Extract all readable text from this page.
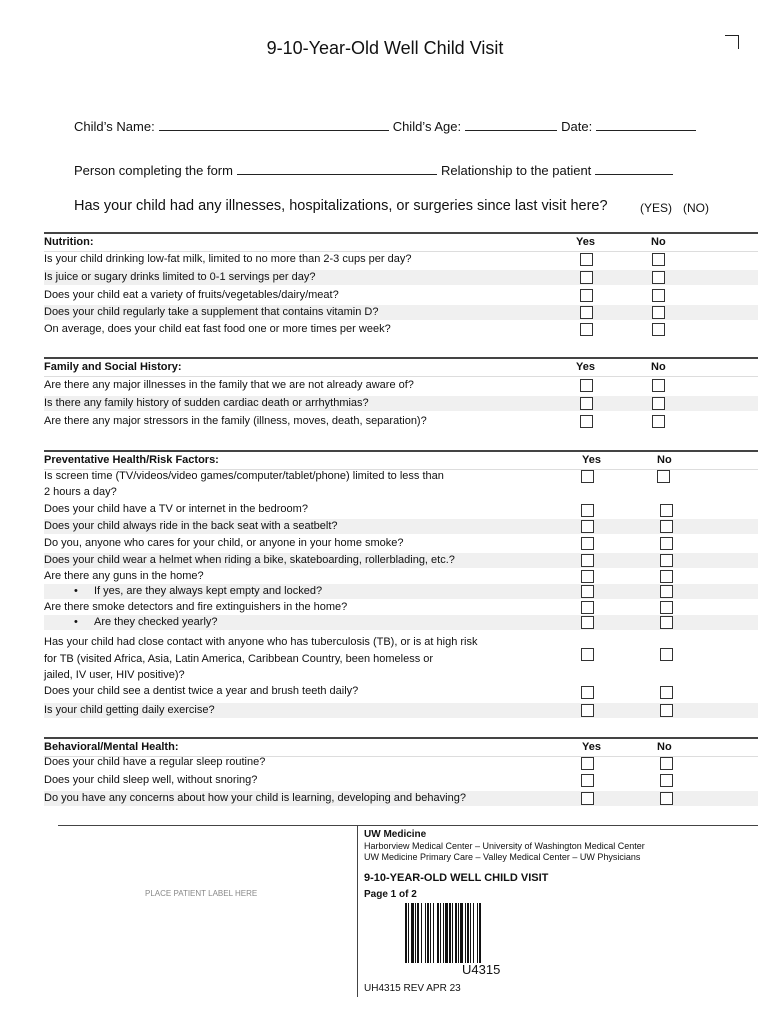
9-10-Year-Old Well Child Visit
Child’s Name:	Child’s Age:	Date:
Person completing the form	Relationship to the patient
Has your child had any illnesses, hospitalizations, or surgeries since last visit here?	(YES) (NO)
Nutrition:	Yes	No
Is your child drinking low-fat milk, limited to no more than 2-3 cups per day?
Is juice or sugary drinks limited to 0-1 servings per day?
Does your child eat a variety of fruits/vegetables/dairy/meat?
Does your child regularly take a supplement that contains vitamin D?
On average, does your child eat fast food one or more times per week?
Family and Social History:	Yes	No
Are there any major illnesses in the family that we are not already aware of?
Is there any family history of sudden cardiac death or arrhythmias?
Are there any major stressors in the family (illness, moves, death, separation)?
Preventative Health/Risk Factors:	Yes	No
Is screen time (TV/videos/video games/computer/tablet/phone) limited to less than
2 hours a day?
Does your child have a TV or internet in the bedroom?
Does your child always ride in the back seat with a seatbelt?
Do you, anyone who cares for your child, or anyone in your home smoke?
Does your child wear a helmet when riding a bike, skateboarding, rollerblading, etc.?
Are there any guns in the home?
• If yes, are they always kept empty and locked?
Are there smoke detectors and fire extinguishers in the home?
• Are they checked yearly?
Has your child had close contact with anyone who has tuberculosis (TB), or is at high risk
for TB (visited Africa, Asia, Latin America, Caribbean Country, been homeless or
jailed, IV user, HIV positive)?
Does your child see a dentist twice a year and brush teeth daily?
Is your child getting daily exercise?
Behavioral/Mental Health:	Yes	No
Does your child have a regular sleep routine?
Does your child sleep well, without snoring?
Do you have any concerns about how your child is learning, developing and behaving?
PLACE PATIENT LABEL HERE
UW Medicine
Harborview Medical Center – University of Washington Medical Center
UW Medicine Primary Care – Valley Medical Center – UW Physicians
9-10-YEAR-OLD WELL CHILD VISIT
Page 1 of 2
U4315
UH4315 REV APR 23
